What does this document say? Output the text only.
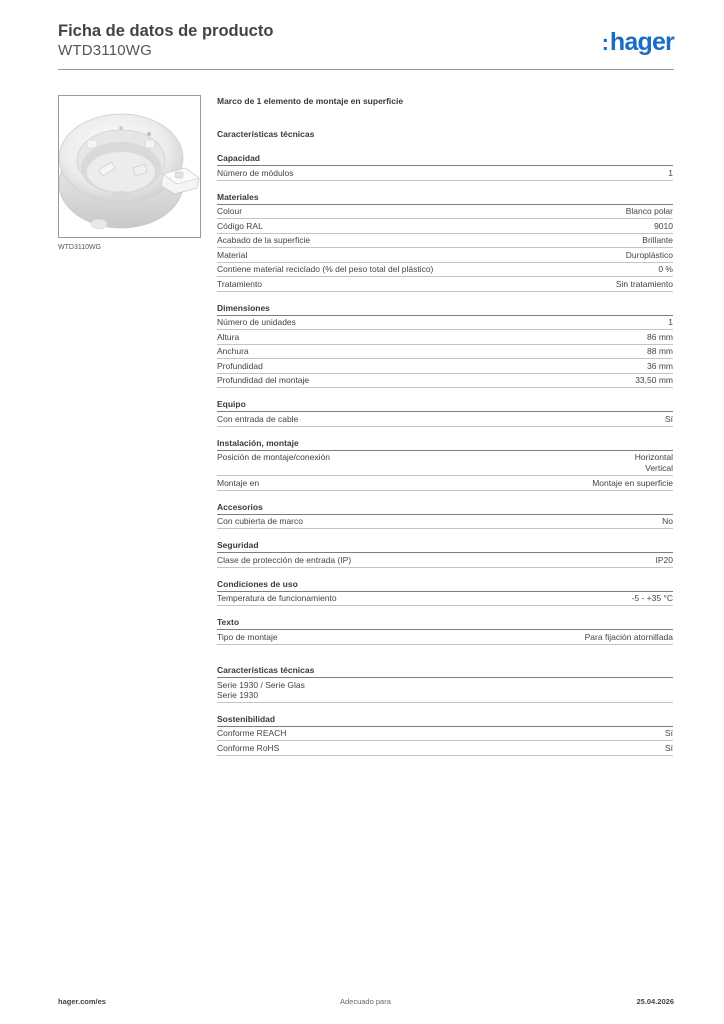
Ficha de datos de producto
WTD3110WG	:hager
WTD3110WG
Marco de 1 elemento de montaje en superficie
Características técnicas
Capacidad
Número de módulos	1
Materiales
Colour	Blanco polar
Código RAL	9010
Acabado de la superficie	Brillante
Material	Duroplástico
Contiene material reciclado (% del peso total del plástico)	0 %
Tratamiento	Sin tratamiento
Dimensiones
Número de unidades	1
Altura	86 mm
Anchura	88 mm
Profundidad	36 mm
Profundidad del montaje	33,50 mm
Equipo
Con entrada de cable	Sí
Instalación, montaje
Posición de montaje/conexión	Horizontal
Vertical
Montaje en	Montaje en superficie
Accesorios
Con cubierta de marco	No
Seguridad
Clase de protección de entrada (IP)	IP20
Condiciones de uso
Temperatura de funcionamiento	-5 - +35 °C
Texto
Tipo de montaje	Para fijación atornillada
Características técnicas
Serie 1930 / Serie Glas
Serie 1930
Sostenibilidad
Conforme REACH	Sí
Conforme RoHS	Sí
hager.com/es	Adecuado para	25.04.2026
